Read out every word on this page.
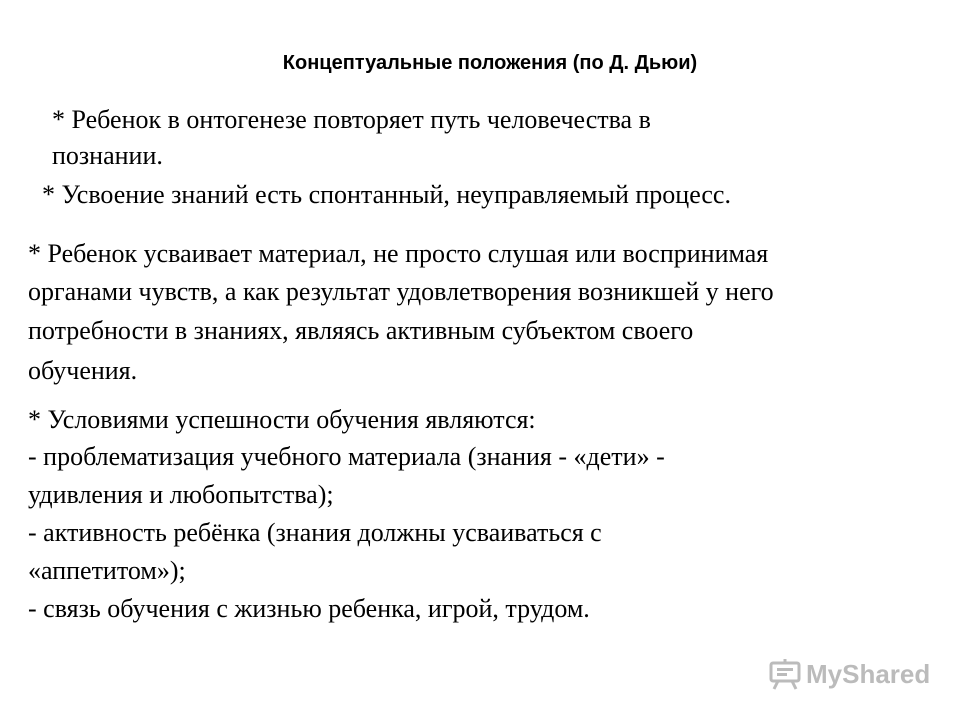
Концептуальные положения (по Д. Дьюи)
* Ребенок в онтогенезе повторяет путь человечества в
познании.
* Усвоение знаний есть спонтанный, неуправляемый процесс.
* Ребенок усваивает материал, не просто слушая или воспринимая
органами чувств, а как результат удовлетворения возникшей у него
потребности в знаниях, являясь активным субъектом своего
обучения.
* Условиями успешности обучения являются:
- проблематизация учебного материала (знания - «дети» -
удивления и любопытства);
- активность ребёнка (знания должны усваиваться с
«аппетитом»);
- связь обучения с жизнью ребенка, игрой, трудом.
MyShared
